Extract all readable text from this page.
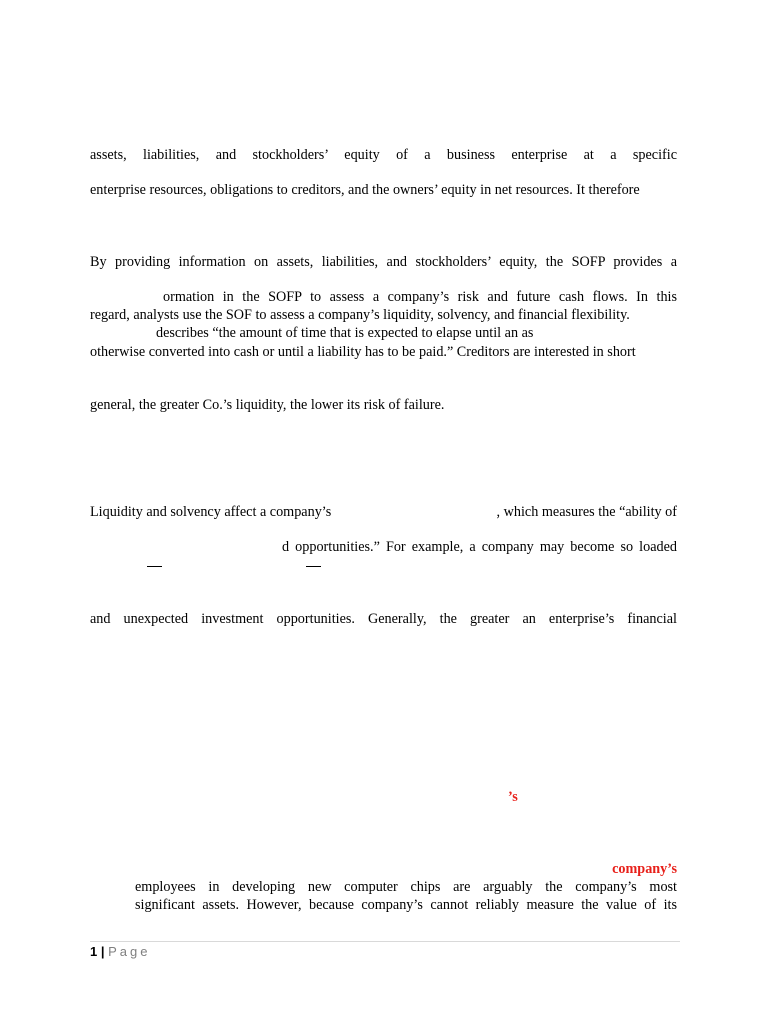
assets, liabilities, and stockholders’ equity of a business enterprise at a specific
enterprise resources, obligations to creditors, and the owners’ equity in net resources. It therefore
By providing information on assets, liabilities, and stockholders’ equity, the SOFP provides a
ormation in the SOFP to assess a company’s risk and future cash flows. In this
regard, analysts use the SOF to assess a company’s liquidity, solvency, and financial flexibility.
describes “the amount of time that is expected to elapse until an as
otherwise converted into cash or until a liability has to be paid.” Creditors are interested in short
general, the greater Co.’s liquidity, the lower its risk of failure.
Liquidity and solvency affect a company’s	, which measures the “ability of
d opportunities.” For example, a company may become so loaded
and unexpected investment opportunities. Generally, the greater an enterprise’s financial
’s
company’s
employees in developing new computer chips are arguably the company’s most
significant assets. However, because company’s cannot reliably measure the value of its
1 | Page
